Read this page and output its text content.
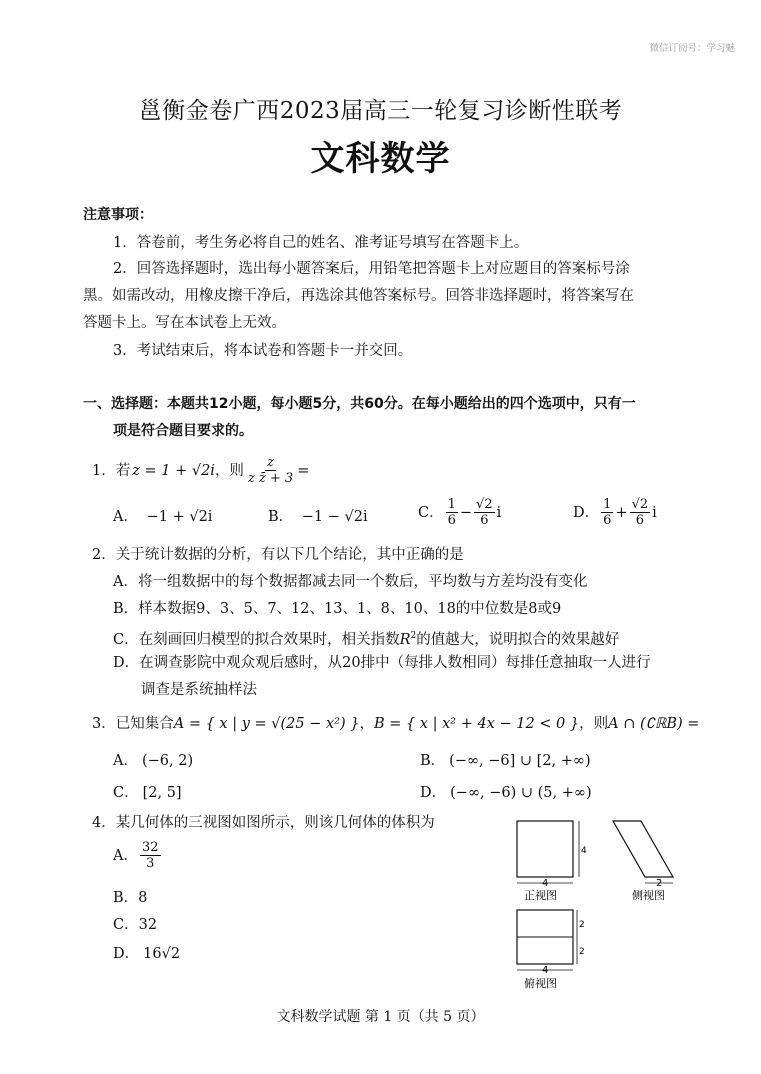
微信订阅号：学习魅
邕衡金卷广西2023届高三一轮复习诊断性联考
文科数学
注意事项：
1．答卷前，考生务必将自己的姓名、准考证号填写在答题卡上。
2．回答选择题时，选出每小题答案后，用铅笔把答题卡上对应题目的答案标号涂
黑。如需改动，用橡皮擦干净后，再选涂其他答案标号。回答非选择题时，将答案写在
答题卡上。写在本试卷上无效。
3．考试结束后，将本试卷和答题卡一并交回。
一、选择题：本题共12小题，每小题5分，共60分。在每小题给出的四个选项中，只有一
项是符合题目要求的。
1． 若 z = 1 + √2i ，则 $\frac{z}{\text{z z̄ + 3}}$ =
A． −1 + √2i	B． −1 − √2i	C． $\frac{1}{6} - \frac{√2}{6}$ i	D． $\frac{1}{6} + \frac{√2}{6}$ i
2．关于统计数据的分析，有以下几个结论，其中正确的是
A．将一组数据中的每个数据都减去同一个数后，平均数与方差均没有变化
B．样本数据9、3、5、7、12、13、1、8、10、18的中位数是8或9
C．在刻画回归模型的拟合效果时，相关指数$R^2$的值越大，说明拟合的效果越好
D．在调查影院中观众观后感时，从20排中（每排人数相同）每排任意抽取一人进行
调查是系统抽样法
3．已知集合A = { x | y = √(25 − x²) }，B = { x | x² + 4x − 12 < 0 }，则A ∩ (∁ℝB) =
A． (−6, 2)	B． (−∞, −6] ∪ [2, +∞)
C． [2, 5]	D． (−∞, −6) ∪ (5, +∞)
4．某几何体的三视图如图所示，则该几何体的体积为
A． $\frac{32}{3}$
B．8
C．32
D． 16√2
4
4
正视图
2
侧视图
2
2
4
俯视图
文科数学试题 第 1 页（共 5 页）
